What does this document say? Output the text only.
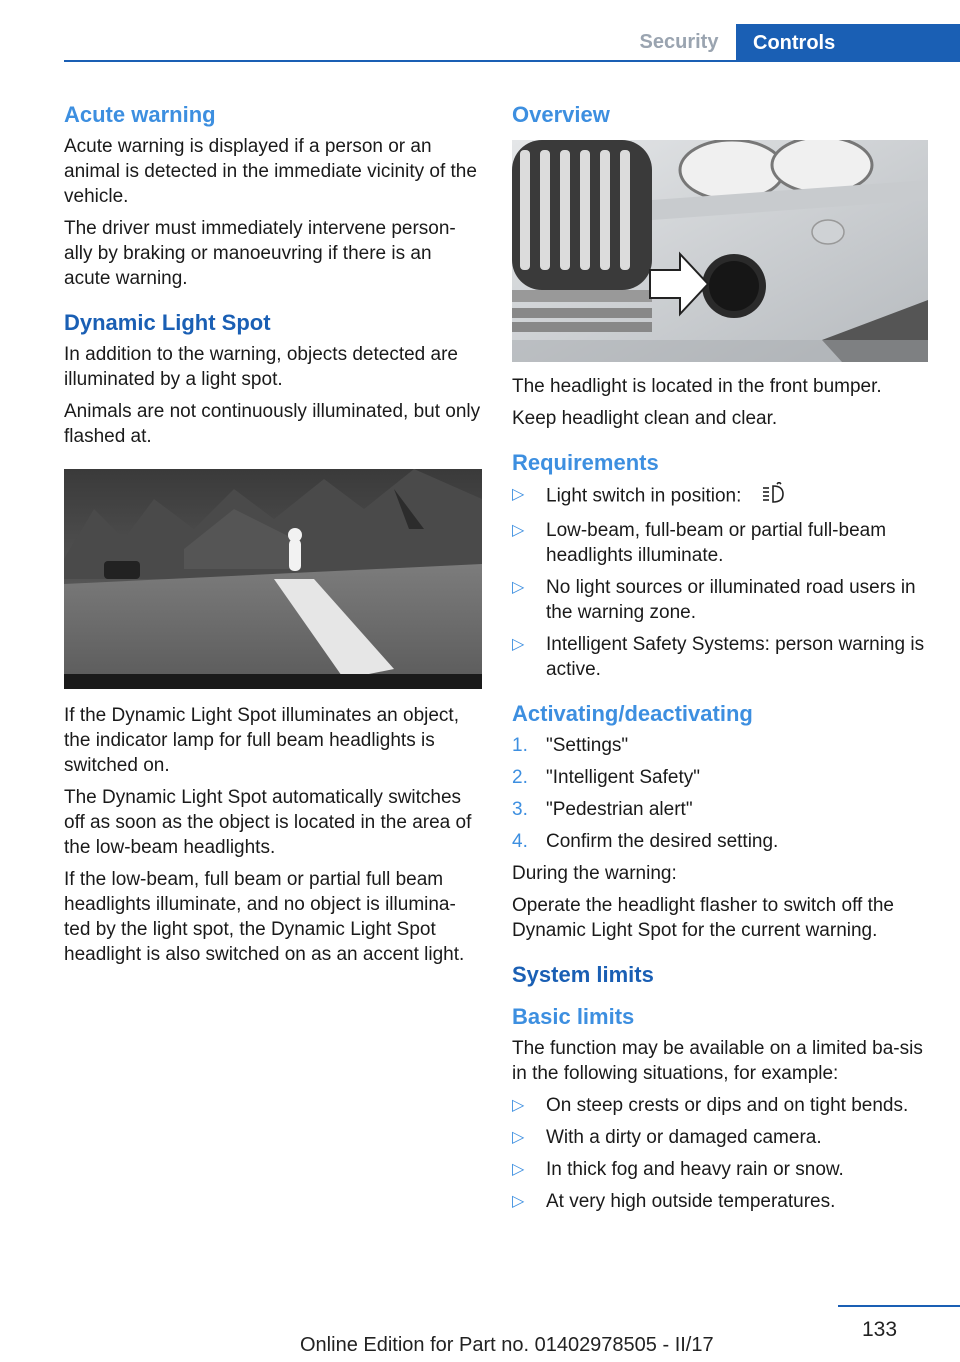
Security	Controls
Acute warning

Acute warning is displayed if a person or an animal is detected in the immediate vicinity of the vehicle.

The driver must immediately intervene person-ally by braking or manoeuvring if there is an acute warning.

Dynamic Light Spot

In addition to the warning, objects detected are illuminated by a light spot.

Animals are not continuously illuminated, but only flashed at.

If the Dynamic Light Spot illuminates an object, the indicator lamp for full beam headlights is switched on.

The Dynamic Light Spot automatically switches off as soon as the object is located in the area of the low-beam headlights.

If the low-beam, full beam or partial full beam headlights illuminate, and no object is illumina-ted by the light spot, the Dynamic Light Spot headlight is also switched on as an accent light.

Overview

The headlight is located in the front bumper.

Keep headlight clean and clear.

Requirements
▷ Light switch in position:
▷ Low-beam, full-beam or partial full-beam headlights illuminate.
▷ No light sources or illuminated road users in the warning zone.
▷ Intelligent Safety Systems: person warning is active.
Activating/deactivating
1. "Settings"
2. "Intelligent Safety"
3. "Pedestrian alert"
4. Confirm the desired setting.

During the warning:

Operate the headlight flasher to switch off the Dynamic Light Spot for the current warning.

System limits
Basic limits

The function may be available on a limited ba-sis in the following situations, for example:

▷ On steep crests or dips and on tight bends.
▷ With a dirty or damaged camera.
▷ In thick fog and heavy rain or snow.
▷ At very high outside temperatures.
133
Online Edition for Part no. 01402978505 - II/17
